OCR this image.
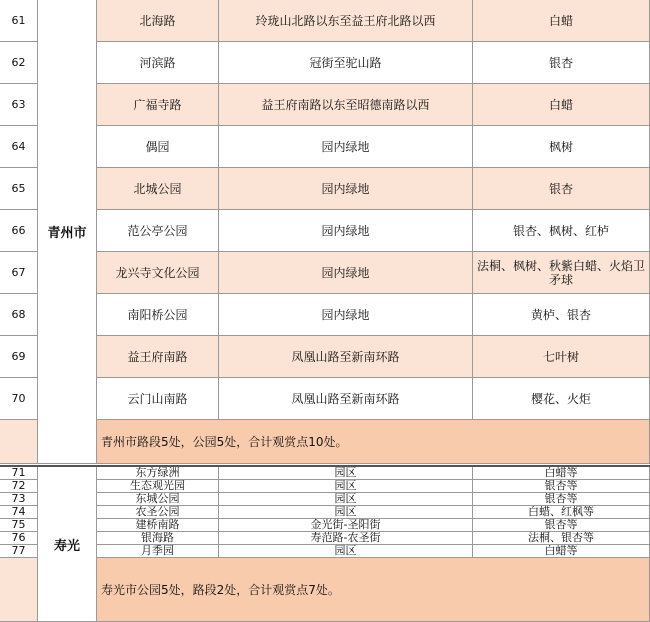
61	北海路	玲珑山北路以东至益王府北路以西	白蜡
62	河滨路	冠街至驼山路	银杏
63	广福寺路	益王府南路以东至昭德南路以西	白蜡
64	偶园	园内绿地	枫树
65	北城公园	园内绿地	银杏
66	范公亭公园	园内绿地	银杏、枫树、红栌
67	龙兴寺文化公园	园内绿地	法桐、枫树、秋紫白蜡、火焰卫矛球
68	南阳桥公园	园内绿地	黄栌、银杏
69	益王府南路	凤凰山路至新南环路	七叶树
70	云门山南路	凤凰山路至新南环路	樱花、火炬
青州市
青州市路段5处，公园5处，合计观赏点10处。
71	东方绿洲	园区	白蜡等
72	生态观光园	园区	银杏等
73	东城公园	园区	银杏等
74	农圣公园	园区	白蜡、红枫等
75	建桥南路	金光街-圣阳街	银杏等
76	银海路	寿范路-农圣街	法桐、银杏等
77	月季园	园区	白蜡等
寿光
寿光市公园5处，路段2处，合计观赏点7处。
